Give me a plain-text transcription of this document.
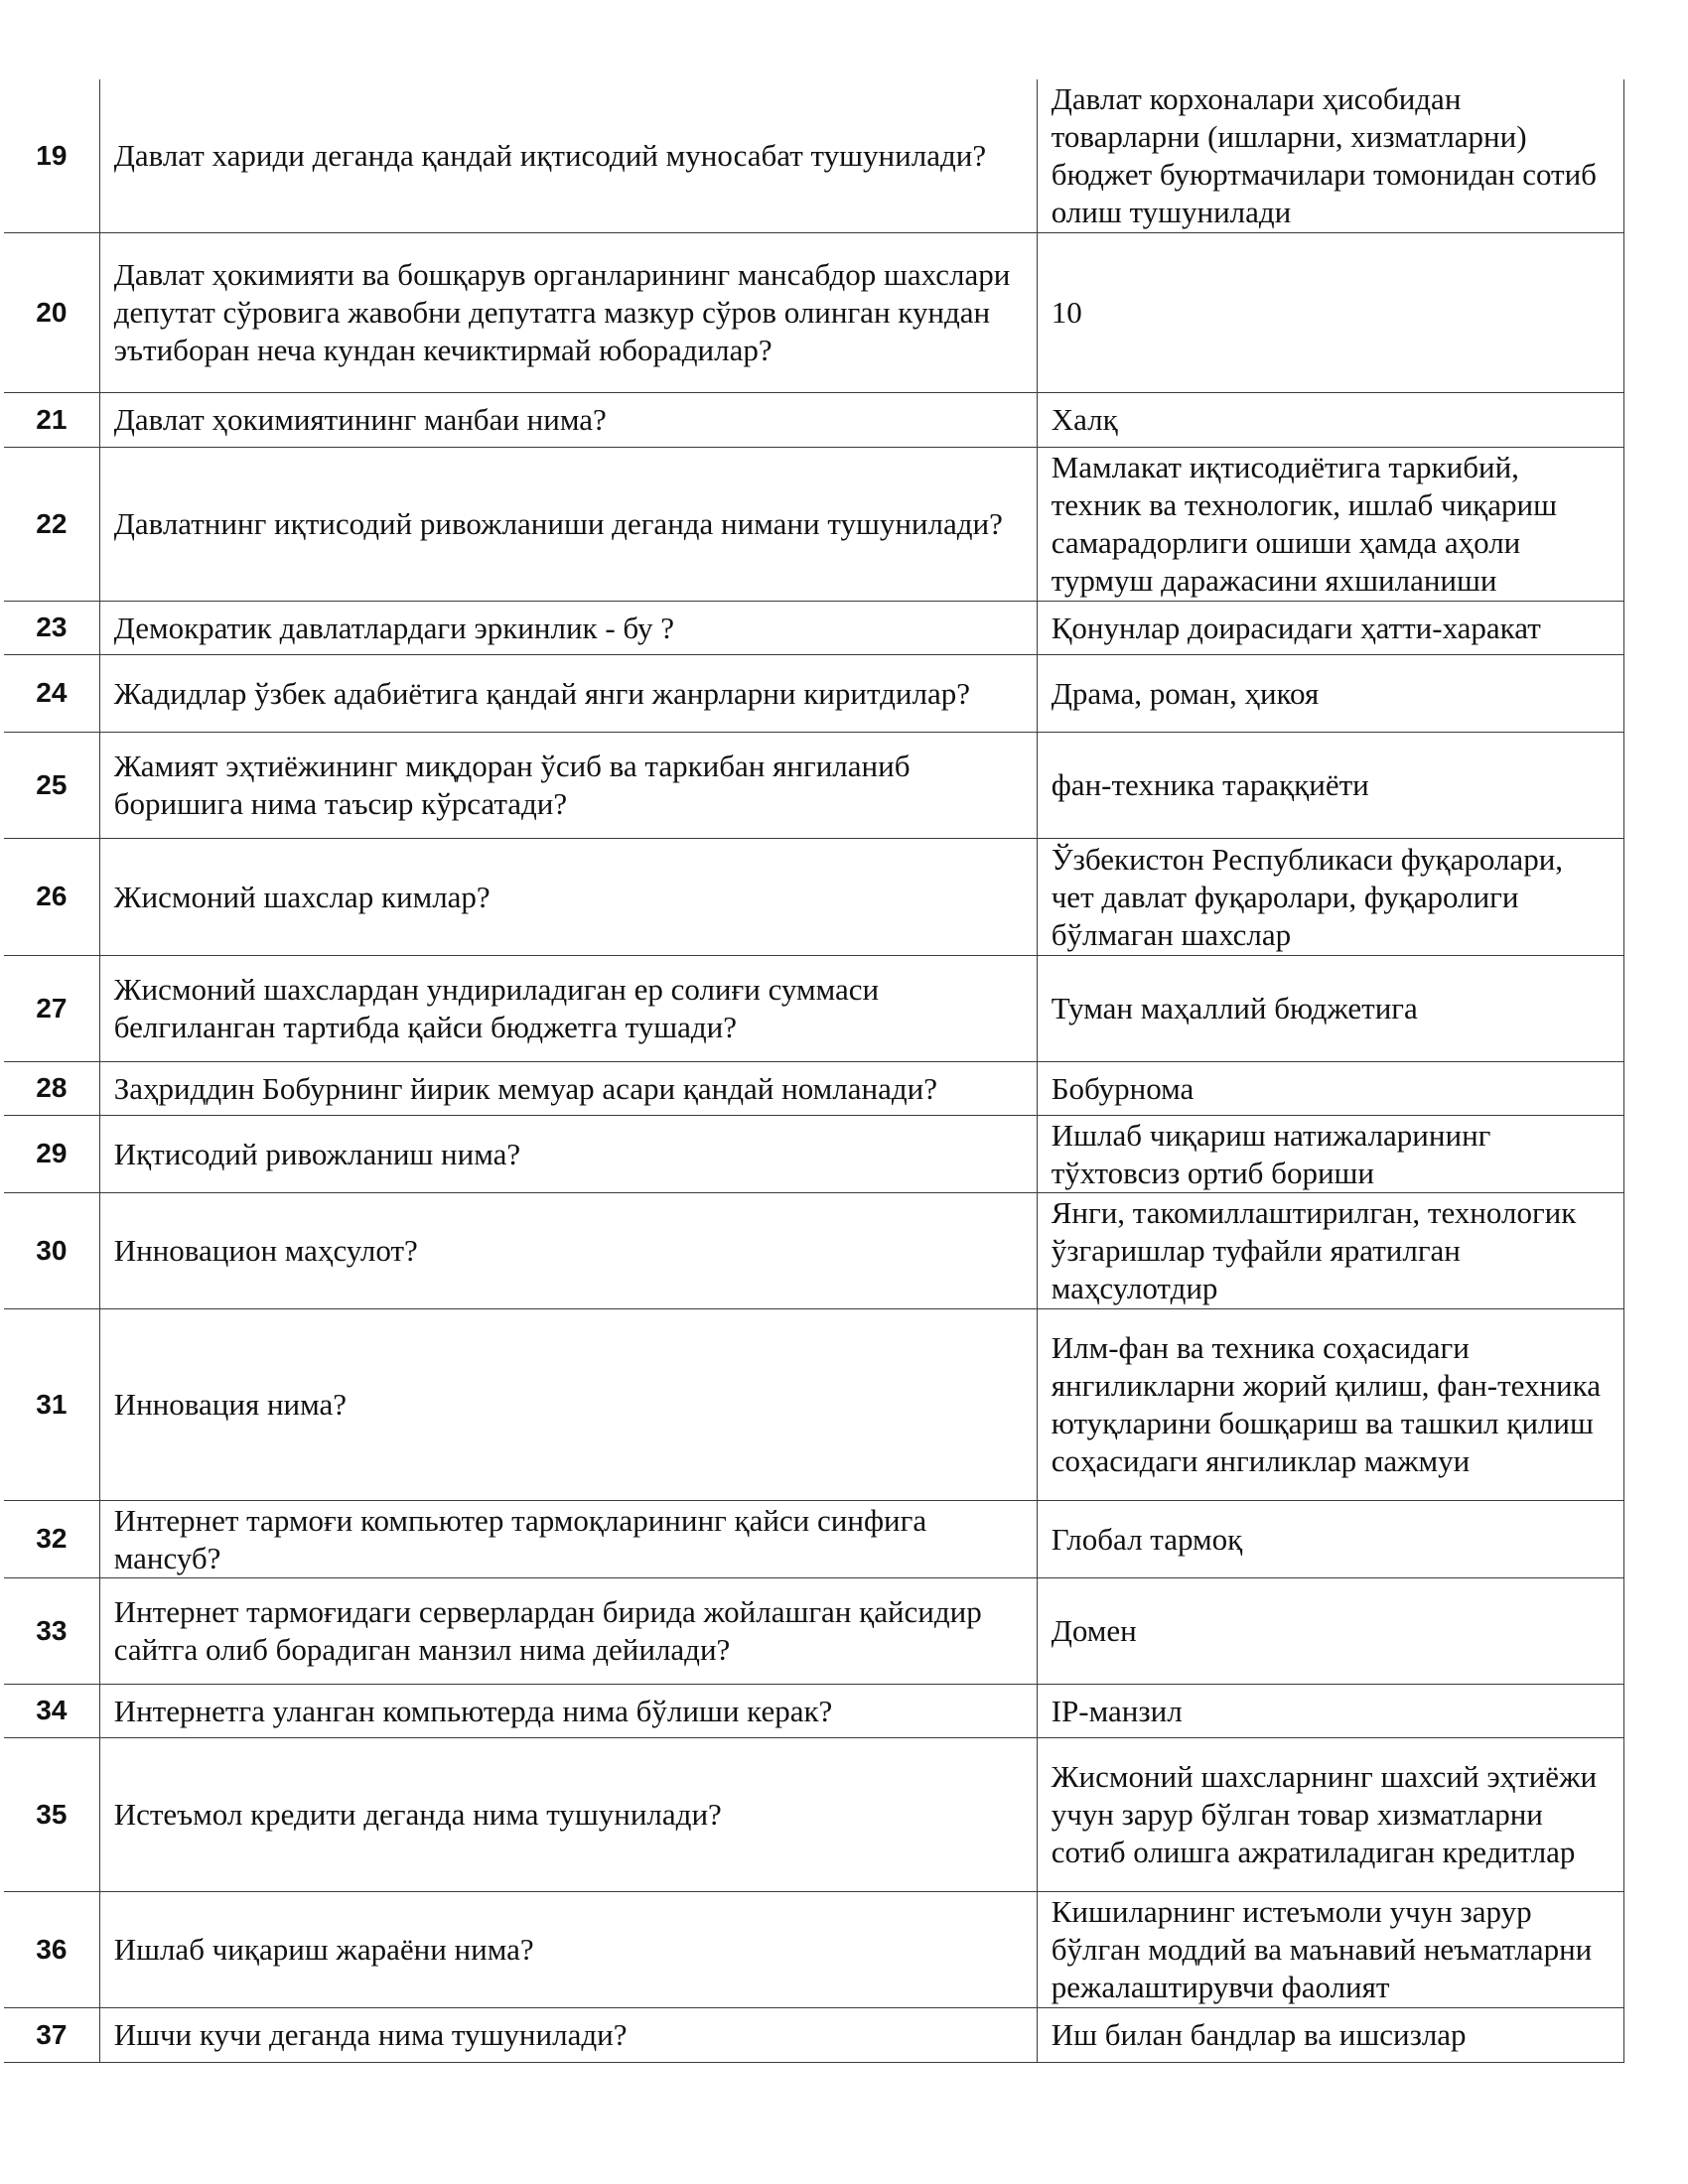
19	Давлат хариди деганда қандай иқтисодий муносабат тушунилади?	Давлат корхоналари ҳисобидан товарларни (ишларни, хизматларни) бюджет буюртмачилари томонидан сотиб олиш тушунилади
20	Давлат ҳокимияти ва бошқарув органларининг мансабдор шахслари депутат сўровига жавобни депутатга мазкур сўров олинган кундан эътиборан неча кундан кечиктирмай юборадилар?	10
21	Давлат ҳокимиятининг манбаи нима?	Халқ
22	Давлатнинг иқтисодий ривожланиши деганда нимани тушунилади?	Мамлакат иқтисодиётига таркибий, техник ва технологик, ишлаб чиқариш самарадорлиги ошиши ҳамда аҳоли турмуш даражасини яхшиланиши
23	Демократик давлатлардаги эркинлик - бу ?	Қонунлар доирасидаги ҳатти-харакат
24	Жадидлар ўзбек адабиётига қандай янги жанрларни киритдилар?	Драма, роман, ҳикоя
25	Жамият эҳтиёжининг миқдоран ўсиб ва таркибан янгиланиб боришига нима таъсир кўрсатади?	фан-техника тараққиёти
26	Жисмоний шахслар кимлар?	Ўзбекистон Республикаси фуқаролари, чет давлат фуқаролари, фуқаролиги бўлмаган шахслар
27	Жисмоний шахслардан ундириладиган ер солиғи суммаси белгиланган тартибда қайси бюджетга тушади?	Туман маҳаллий бюджетига
28	Заҳриддин Бобурнинг йирик мемуар асари қандай номланади?	Бобурнома
29	Иқтисодий ривожланиш нима?	Ишлаб чиқариш натижаларининг тўхтовсиз ортиб бориши
30	Инновацион маҳсулот?	Янги, такомиллаштирилган, технологик ўзгаришлар туфайли яратилган маҳсулотдир
31	Инновация нима?	Илм-фан ва техника соҳасидаги янгиликларни жорий қилиш, фан-техника ютуқларини бошқариш ва ташкил қилиш соҳасидаги янгиликлар мажмуи
32	Интернет тармоғи компьютер тармоқларининг қайси синфига мансуб?	Глобал тармоқ
33	Интернет тармоғидаги серверлардан бирида жойлашган қайсидир сайтга олиб борадиган манзил нима дейилади?	Домен
34	Интернетга уланган компьютерда нима бўлиши керак?	IP-манзил
35	Истеъмол кредити деганда нима тушунилади?	Жисмоний шахсларнинг шахсий эҳтиёжи учун зарур бўлган товар хизматларни сотиб олишга ажратиладиган кредитлар
36	Ишлаб чиқариш жараёни нима?	Кишиларнинг истеъмоли учун зарур бўлган моддий ва маънавий неъматларни режалаштирувчи фаолият
37	Ишчи кучи деганда нима тушунилади?	Иш билан бандлар ва ишсизлар
